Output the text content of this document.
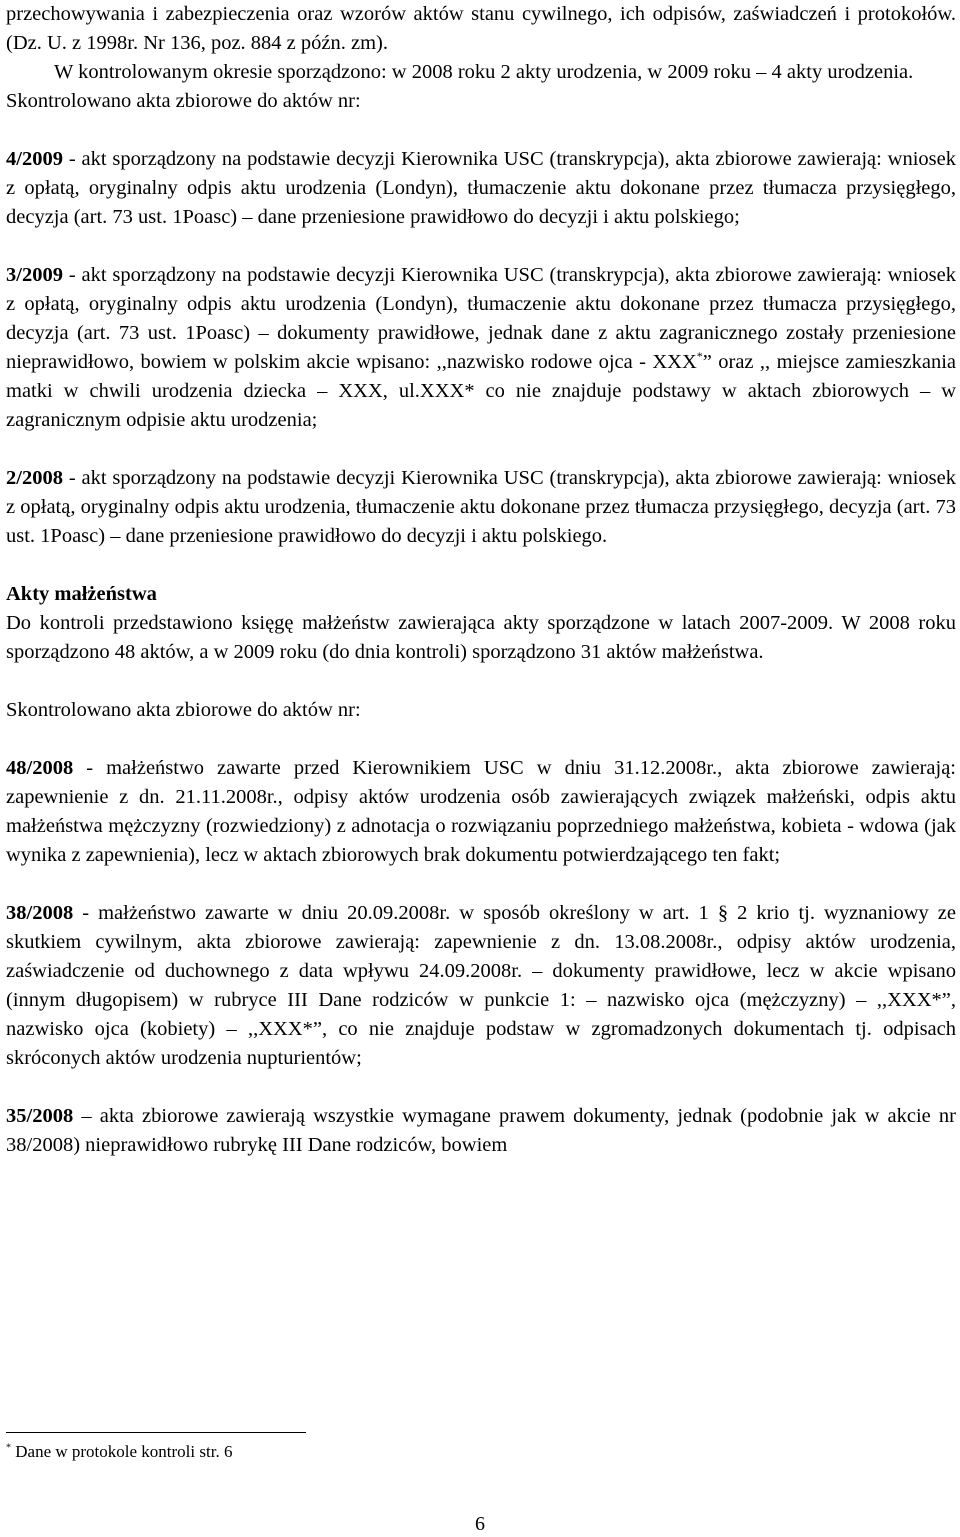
przechowywania i zabezpieczenia oraz wzorów aktów stanu cywilnego, ich odpisów, zaświadczeń i protokołów.(Dz. U. z 1998r. Nr 136, poz. 884 z późn. zm).

W kontrolowanym okresie sporządzono: w 2008 roku 2 akty urodzenia, w 2009 roku – 4 akty urodzenia.

Skontrolowano akta zbiorowe do aktów nr:

4/2009 - akt sporządzony na podstawie decyzji Kierownika USC (transkrypcja), akta zbiorowe zawierają: wniosek z opłatą, oryginalny odpis aktu urodzenia (Londyn), tłumaczenie aktu dokonane przez tłumacza przysięgłego, decyzja (art. 73 ust. 1Poasc) – dane przeniesione prawidłowo do decyzji i aktu polskiego;

3/2009 - akt sporządzony na podstawie decyzji Kierownika USC (transkrypcja), akta zbiorowe zawierają: wniosek z opłatą, oryginalny odpis aktu urodzenia (Londyn), tłumaczenie aktu dokonane przez tłumacza przysięgłego, decyzja (art. 73 ust. 1Poasc) – dokumenty prawidłowe, jednak dane z aktu zagranicznego zostały przeniesione nieprawidłowo, bowiem w polskim akcie wpisano: ,,nazwisko rodowe ojca - XXX*” oraz ,, miejsce zamieszkania matki w chwili urodzenia dziecka – XXX, ul.XXX* co nie znajduje podstawy w aktach zbiorowych – w zagranicznym odpisie aktu urodzenia;

2/2008 - akt sporządzony na podstawie decyzji Kierownika USC (transkrypcja), akta zbiorowe zawierają: wniosek z opłatą, oryginalny odpis aktu urodzenia, tłumaczenie aktu dokonane przez tłumacza przysięgłego, decyzja (art. 73 ust. 1Poasc) – dane przeniesione prawidłowo do decyzji i aktu polskiego.

Akty małżeństwa

Do kontroli przedstawiono księgę małżeństw zawierająca akty sporządzone w latach 2007-2009. W 2008 roku sporządzono 48 aktów, a w 2009 roku (do dnia kontroli) sporządzono 31 aktów małżeństwa.

Skontrolowano akta zbiorowe do aktów nr:

48/2008 - małżeństwo zawarte przed Kierownikiem USC w dniu 31.12.2008r., akta zbiorowe zawierają: zapewnienie z dn. 21.11.2008r., odpisy aktów urodzenia osób zawierających związek małżeński, odpis aktu małżeństwa mężczyzny (rozwiedziony) z adnotacja o rozwiązaniu poprzedniego małżeństwa, kobieta - wdowa (jak wynika z zapewnienia), lecz w aktach zbiorowych brak dokumentu potwierdzającego ten fakt;

38/2008 - małżeństwo zawarte w dniu 20.09.2008r. w sposób określony w art. 1 § 2 krio tj. wyznaniowy ze skutkiem cywilnym, akta zbiorowe zawierają: zapewnienie z dn. 13.08.2008r., odpisy aktów urodzenia, zaświadczenie od duchownego z data wpływu 24.09.2008r. – dokumenty prawidłowe, lecz w akcie wpisano (innym długopisem) w rubryce III Dane rodziców w punkcie 1: – nazwisko ojca (mężczyzny) – ,,XXX*”, nazwisko ojca (kobiety) – ,,XXX*”, co nie znajduje podstaw w zgromadzonych dokumentach tj. odpisach skróconych aktów urodzenia nupturientów;

35/2008 – akta zbiorowe zawierają wszystkie wymagane prawem dokumenty, jednak (podobnie jak w akcie nr 38/2008) nieprawidłowo rubrykę III Dane rodziców, bowiem

* Dane w protokole kontroli str. 6
6
